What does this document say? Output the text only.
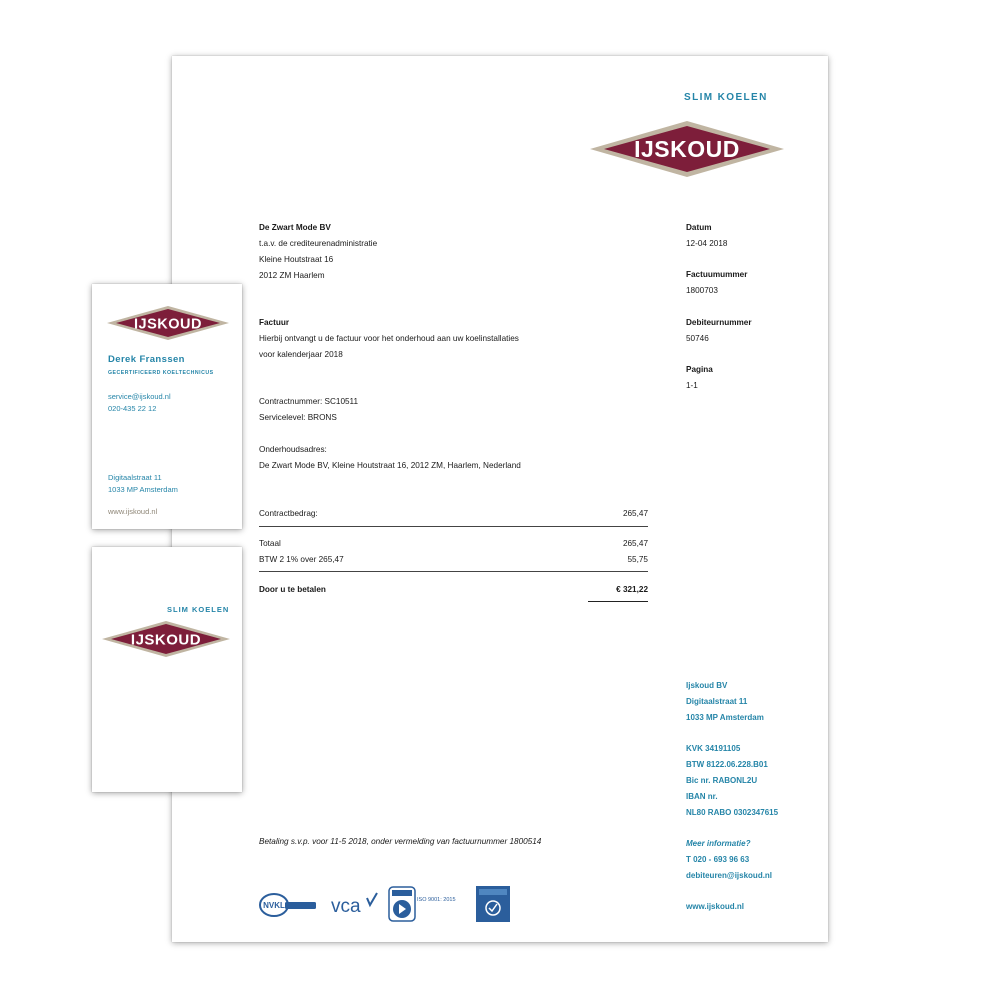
SLIM KOELEN
IJSKOUD
De Zwart Mode BV
t.a.v. de crediteurenadministratie
Kleine Houtstraat 16
2012 ZM Haarlem
Factuur
Hierbij ontvangt u de factuur voor het onderhoud aan uw koelinstallaties
voor kalenderjaar 2018
Contractnummer: SC10511
Servicelevel: BRONS
Onderhoudsadres:
De Zwart Mode BV, Kleine Houtstraat 16, 2012 ZM, Haarlem, Nederland
Contractbedrag:	265,47
Totaal	265,47
BTW 2 1% over 265,47	55,75
Door u te betalen	€ 321,22
Betaling s.v.p. voor 11-5 2018, onder vermelding van factuurnummer 1800514
NVKL vca	ISO 9001: 2015
Datum
12-04 2018
Factuumummer
1800703
Debiteurnummer
50746
Pagina
1-1
Ijskoud BV
Digitaalstraat 11
1033 MP Amsterdam
KVK 34191105
BTW 8122.06.228.B01
Bic nr. RABONL2U
IBAN nr.
NL80 RABO 0302347615
Meer informatie?
T 020 - 693 96 63
debiteuren@ijskoud.nl
www.ijskoud.nl
IJSKOUD
Derek Franssen
GECERTIFICEERD KOELTECHNICUS
service@ijskoud.nl
020-435 22 12
Digitaalstraat 11
1033 MP Amsterdam
www.ijskoud.nl
SLIM KOELEN
IJSKOUD
